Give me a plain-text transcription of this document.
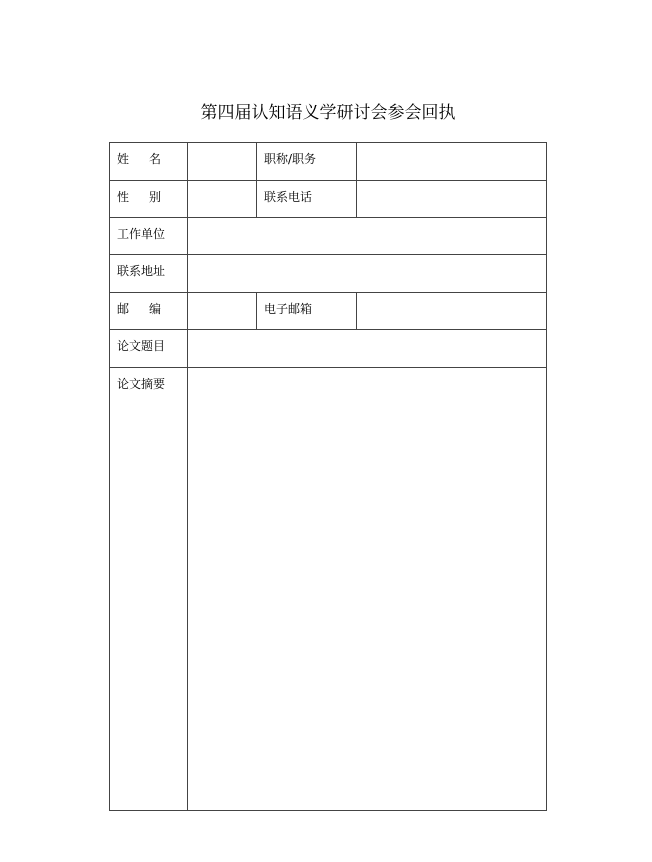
第四届认知语义学研讨会参会回执
姓 名	职称/职务
性 别	联系电话
工作单位
联系地址
邮 编	电子邮箱
论文题目
论文摘要
